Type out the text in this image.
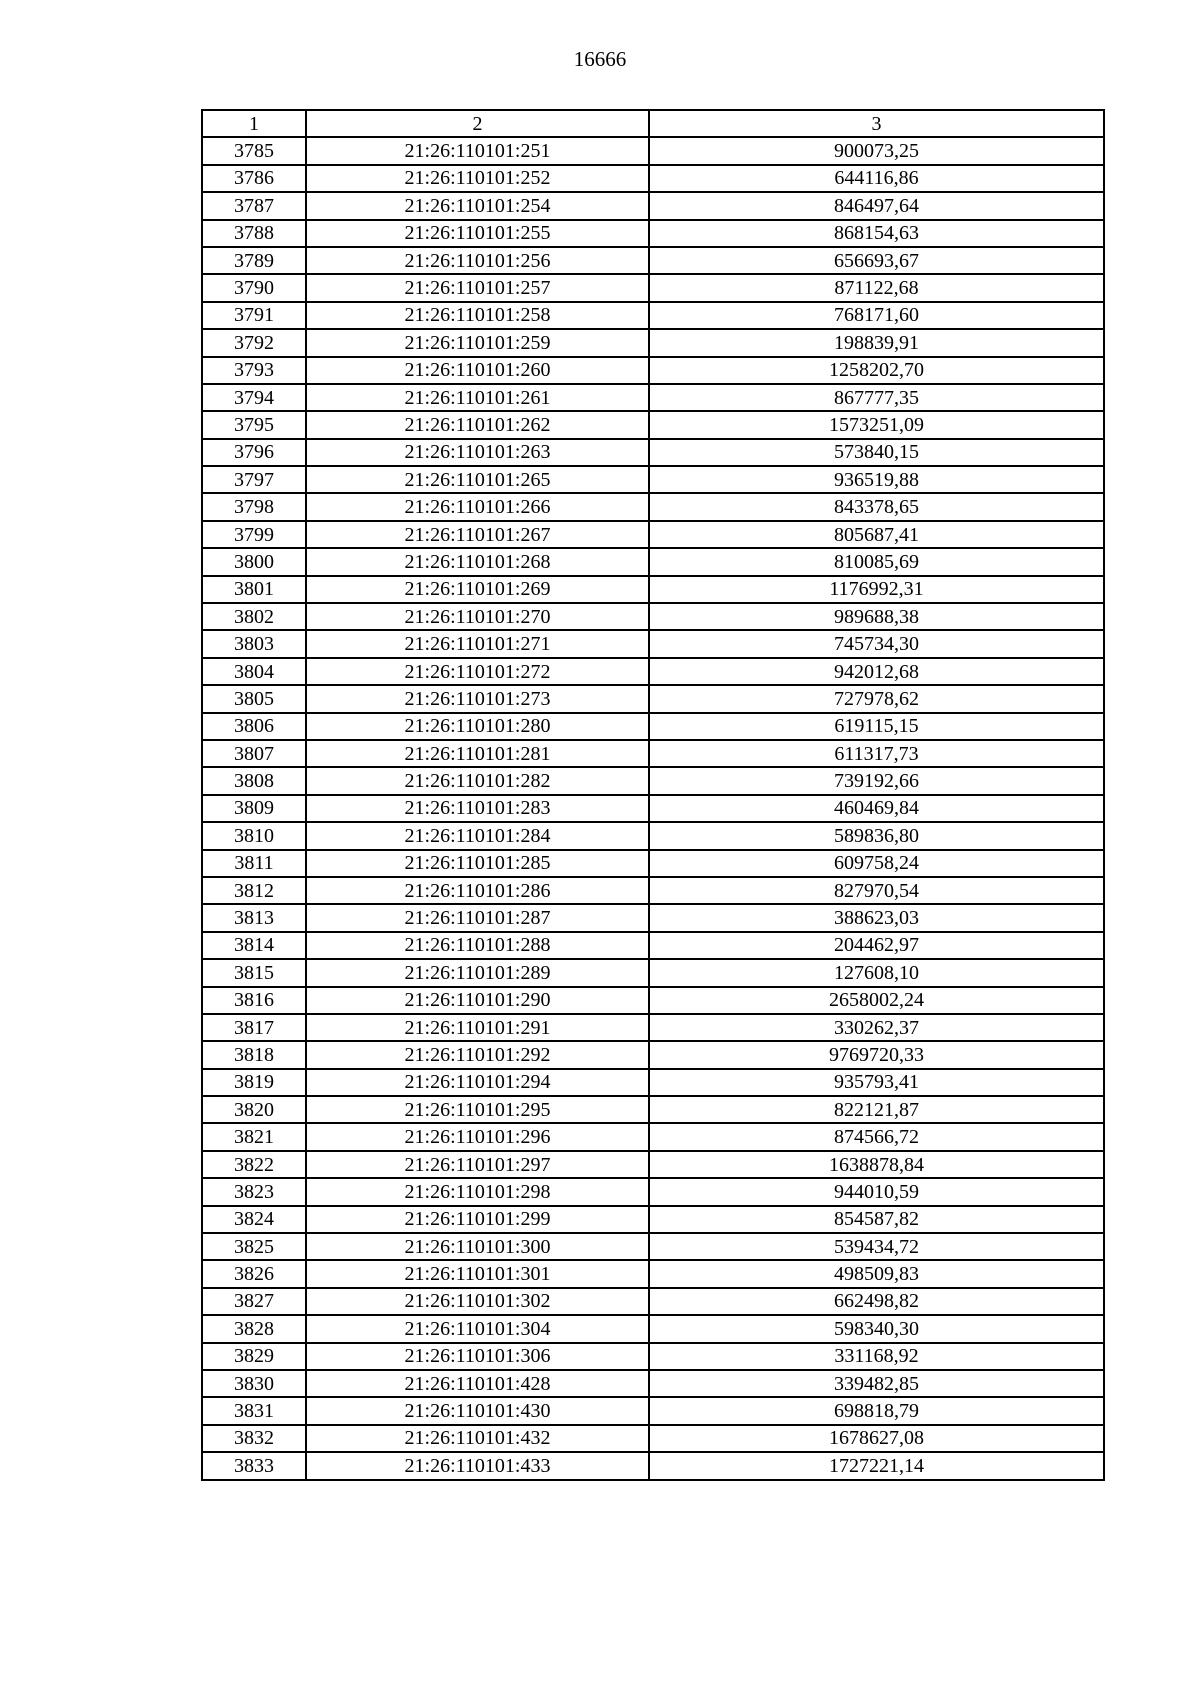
16666
1	2	3
3785	21:26:110101:251	900073,25
3786	21:26:110101:252	644116,86
3787	21:26:110101:254	846497,64
3788	21:26:110101:255	868154,63
3789	21:26:110101:256	656693,67
3790	21:26:110101:257	871122,68
3791	21:26:110101:258	768171,60
3792	21:26:110101:259	198839,91
3793	21:26:110101:260	1258202,70
3794	21:26:110101:261	867777,35
3795	21:26:110101:262	1573251,09
3796	21:26:110101:263	573840,15
3797	21:26:110101:265	936519,88
3798	21:26:110101:266	843378,65
3799	21:26:110101:267	805687,41
3800	21:26:110101:268	810085,69
3801	21:26:110101:269	1176992,31
3802	21:26:110101:270	989688,38
3803	21:26:110101:271	745734,30
3804	21:26:110101:272	942012,68
3805	21:26:110101:273	727978,62
3806	21:26:110101:280	619115,15
3807	21:26:110101:281	611317,73
3808	21:26:110101:282	739192,66
3809	21:26:110101:283	460469,84
3810	21:26:110101:284	589836,80
3811	21:26:110101:285	609758,24
3812	21:26:110101:286	827970,54
3813	21:26:110101:287	388623,03
3814	21:26:110101:288	204462,97
3815	21:26:110101:289	127608,10
3816	21:26:110101:290	2658002,24
3817	21:26:110101:291	330262,37
3818	21:26:110101:292	9769720,33
3819	21:26:110101:294	935793,41
3820	21:26:110101:295	822121,87
3821	21:26:110101:296	874566,72
3822	21:26:110101:297	1638878,84
3823	21:26:110101:298	944010,59
3824	21:26:110101:299	854587,82
3825	21:26:110101:300	539434,72
3826	21:26:110101:301	498509,83
3827	21:26:110101:302	662498,82
3828	21:26:110101:304	598340,30
3829	21:26:110101:306	331168,92
3830	21:26:110101:428	339482,85
3831	21:26:110101:430	698818,79
3832	21:26:110101:432	1678627,08
3833	21:26:110101:433	1727221,14
